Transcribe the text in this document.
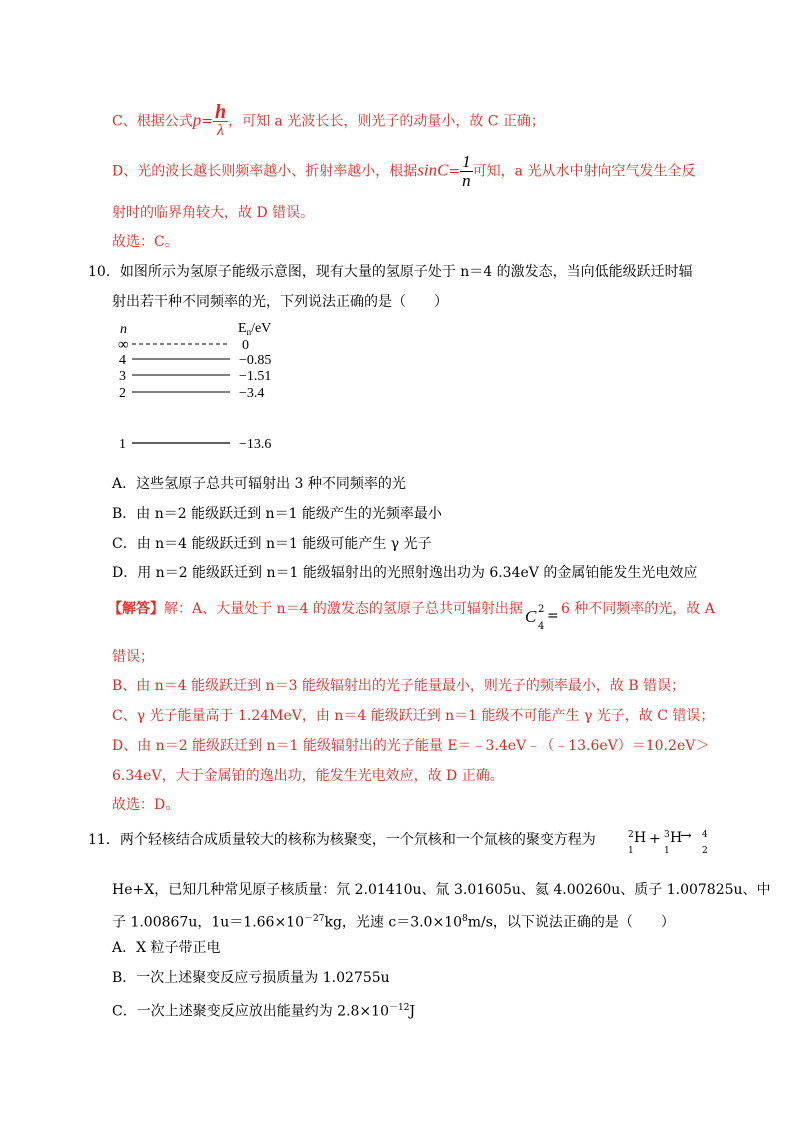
C、根据公式$p= \frac{h}{\lambda}$ ，可知 a 光波长长，则光子的动量小，故 C 正确；
D、光的波长越长则频率越小、折射率越小，根据$\sin C= \frac{1}{n}$ 可知，a 光从水中射向空气发生全反
射时的临界角较大，故 D 错误。
故选：C。
10．如图所示为氢原子能级示意图，现有大量的氢原子处于 n＝4 的激发态，当向低能级跃迁时辐
射出若干种不同频率的光，下列说法正确的是（　　）
n	$E_n/eV$
∞
4
3
2
1
0
−0.85
−1.51
−3.4
−13.6
A．这些氢原子总共可辐射出 3 种不同频率的光
B．由 n＝2 能级跃迁到 n＝1 能级产生的光频率最小
C．由 n＝4 能级跃迁到 n＝1 能级可能产生 γ 光子
D．用 n＝2 能级跃迁到 n＝1 能级辐射出的光照射逸出功为 6.34eV 的金属铂能发生光电效应
【解答】解：A、大量处于 n＝4 的激发态的氢原子总共可辐射出据 C 2
4
= 6 种不同频率的光，故 A
错误；
B、由 n＝4 能级跃迁到 n＝3 能级辐射出的光子能量最小，则光子的频率最小，故 B 错误；
C、γ 光子能量高于 1.24MeV，由 n＝4 能级跃迁到 n＝1 能级不可能产生 γ 光子，故 C 错误；
D、由 n＝2 能级跃迁到 n＝1 能级辐射出的光子能量 E＝﹣3.4eV﹣（﹣13.6eV）＝10.2eV＞
6.34eV，大于金属铂的逸出功，能发生光电效应，故 D 正确。
故选：D。
11．两个轻核结合成质量较大的核称为核聚变，一个氘核和一个氚核的聚变方程为	2 H
1
+ 3 H
1
→ 4
2
He+X，已知几种常见原子核质量：氘 2.01410u、氚 3.01605u、氦 4.00260u、质子 1.007825u、中
子 1.00867u，$1u=1.66\times 10^{-27}kg$，光速 $c=3.0\times 10^8m/s$，以下说法正确的是（　　）
A．X 粒子带正电
B．一次上述聚变反应亏损质量为 1.02755u
C．一次上述聚变反应放出能量约为 $2.8\times 10^{-12}J$
